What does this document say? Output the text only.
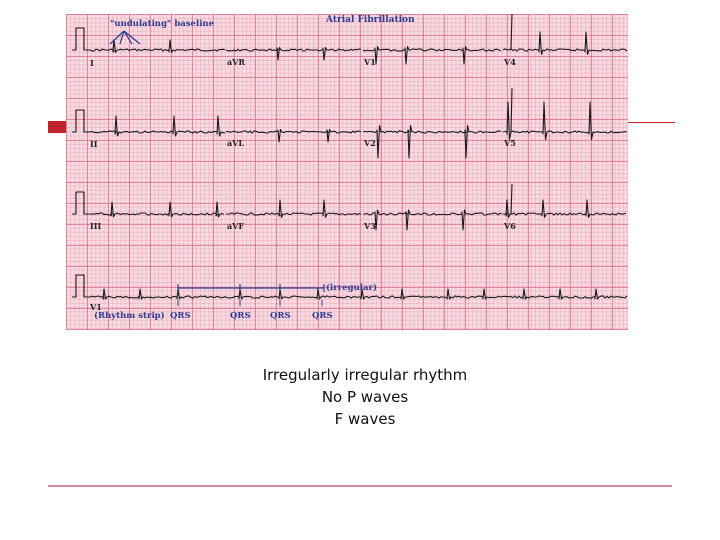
Atrial Fibrillation
"undulating" baseline
(irregular)
(Rhythm strip) QRS	QRS QRS	QRS
I	aVR	V1	V4
II	aVL	V2	V5
III	aVF	V3	V6
V1
Irregularly irregular rhythm
No P waves
F waves
